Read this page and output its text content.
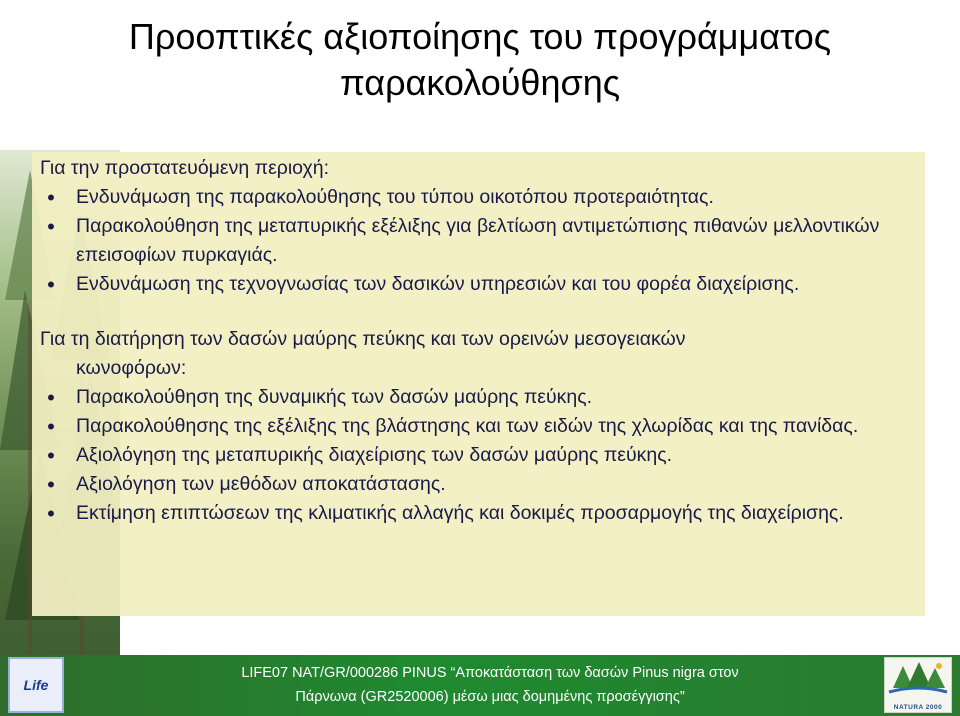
Προοπτικές αξιοποίησης του προγράμματος
παρακολούθησης

Για την προστατευόμενη περιοχή:

• Ενδυνάμωση της παρακολούθησης του τύπου οικοτόπου προτεραιότητας.
• Παρακολούθηση της μεταπυρικής εξέλιξης για βελτίωση αντιμετώπισης πιθανών μελλοντικών επεισοφίων πυρκαγιάς.
• Ενδυνάμωση της τεχνογνωσίας των δασικών υπηρεσιών και του φορέα διαχείρισης.

Για τη διατήρηση των δασών μαύρης πεύκης και των ορεινών μεσογειακών

κωνοφόρων:

• Παρακολούθηση της δυναμικής των δασών μαύρης πεύκης.
• Παρακολούθησης της εξέλιξης της βλάστησης και των ειδών της χλωρίδας και της πανίδας.
• Αξιολόγηση της μεταπυρικής διαχείρισης των δασών μαύρης πεύκης.
• Αξιολόγηση των μεθόδων αποκατάστασης.
• Εκτίμηση επιπτώσεων της κλιματικής αλλαγής και δοκιμές προσαρμογής της διαχείρισης.
Life
LIFE07 NAT/GR/000286 PINUS “Αποκατάσταση των δασών Pinus nigra στον
Πάρνωνα (GR2520006) μέσω μιας δομημένης προσέγγισης”
NATURA 2000
